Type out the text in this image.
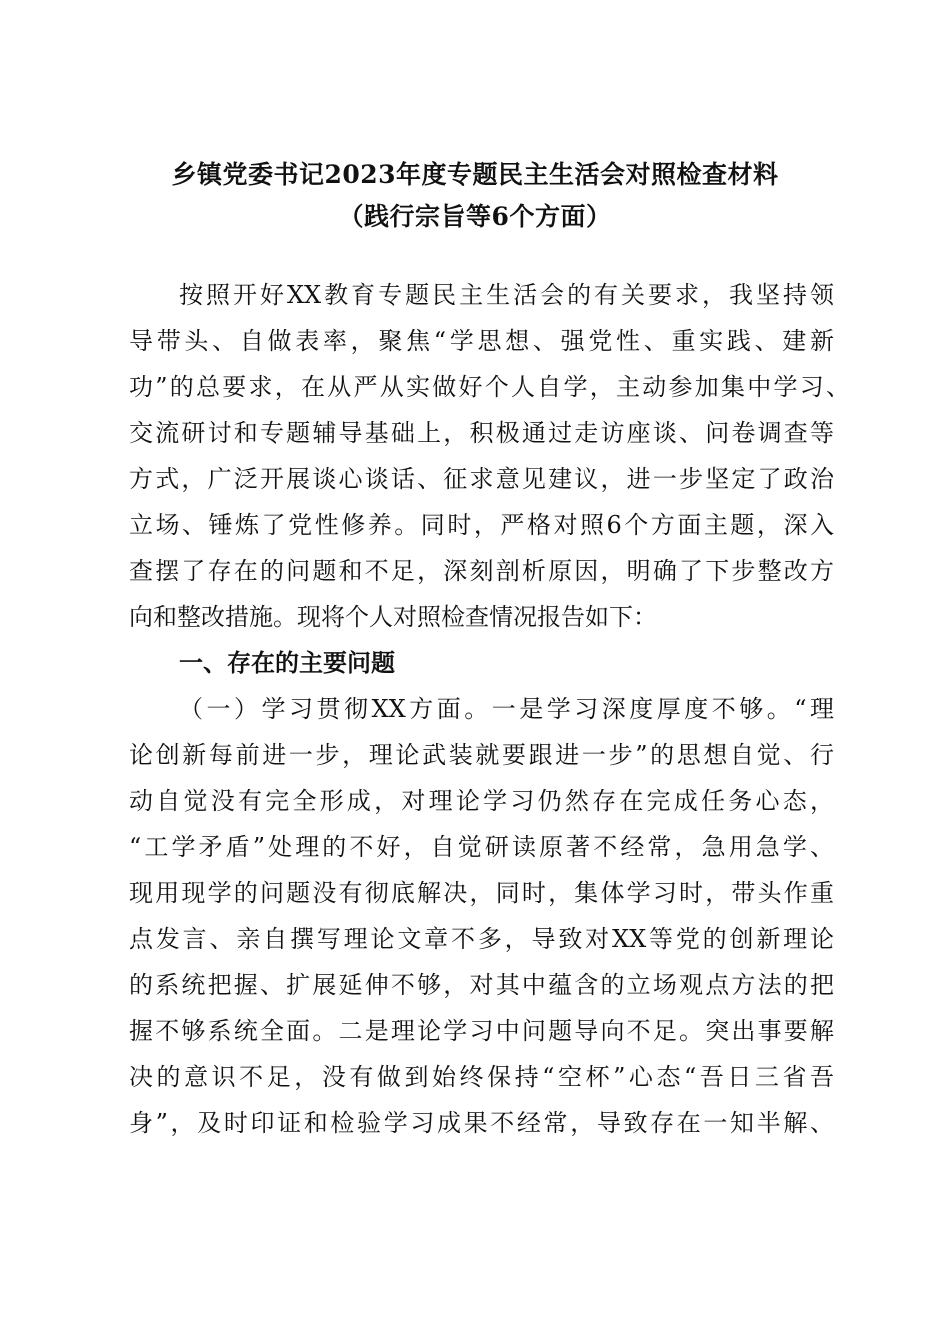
乡镇党委书记2023年度专题民主生活会对照检查材料
（践行宗旨等6个方面）
按照开好XX教育专题民主生活会的有关要求，我坚持领
导带头、自做表率，聚焦“学思想、强党性、重实践、建新
功”的总要求，在从严从实做好个人自学，主动参加集中学习、
交流研讨和专题辅导基础上，积极通过走访座谈、问卷调查等
方式，广泛开展谈心谈话、征求意见建议，进一步坚定了政治
立场、锤炼了党性修养。同时，严格对照6个方面主题，深入
查摆了存在的问题和不足，深刻剖析原因，明确了下步整改方
向和整改措施。现将个人对照检查情况报告如下：
一、存在的主要问题
（一）学习贯彻XX方面。一是学习深度厚度不够。“理
论创新每前进一步，理论武装就要跟进一步”的思想自觉、行
动自觉没有完全形成，对理论学习仍然存在完成任务心态，
“工学矛盾”处理的不好，自觉研读原著不经常，急用急学、
现用现学的问题没有彻底解决，同时，集体学习时，带头作重
点发言、亲自撰写理论文章不多，导致对XX等党的创新理论
的系统把握、扩展延伸不够，对其中蕴含的立场观点方法的把
握不够系统全面。二是理论学习中问题导向不足。突出事要解
决的意识不足，没有做到始终保持“空杯”心态“吾日三省吾
身”，及时印证和检验学习成果不经常，导致存在一知半解、
